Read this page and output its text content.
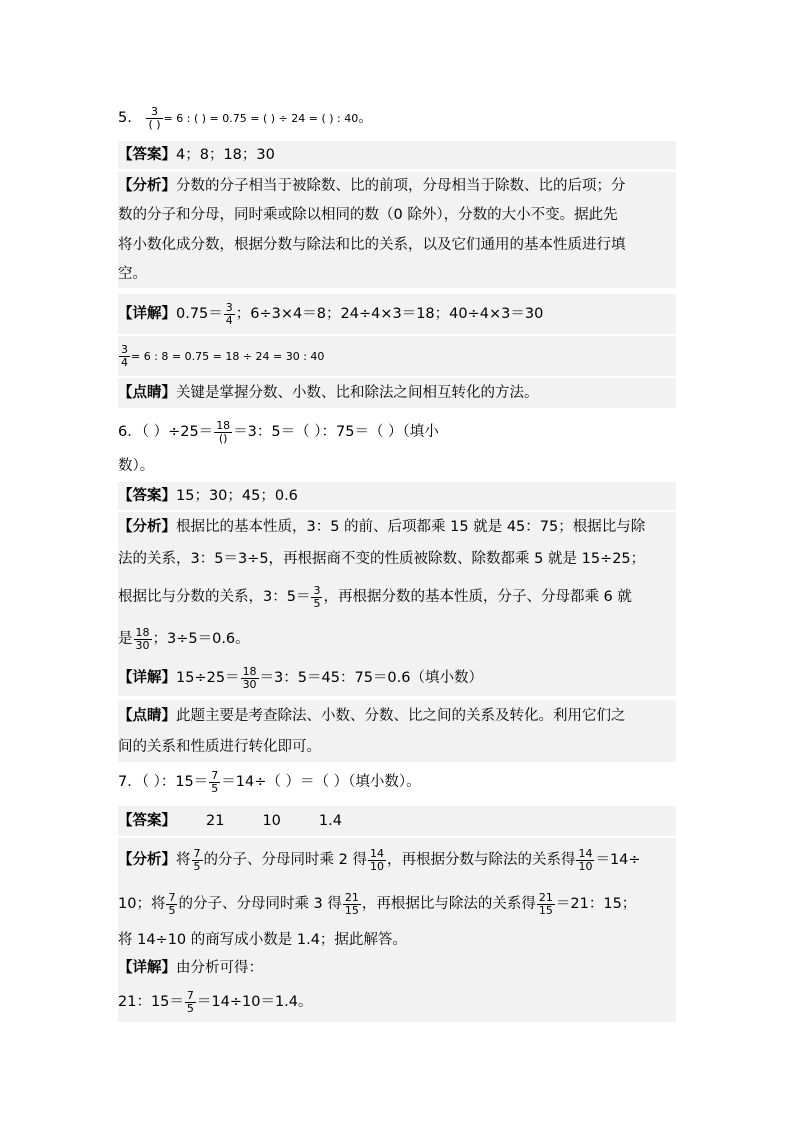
5. $\frac{3}{( )} = 6$ : ( ) = 0.75 = ( ) ÷ 24 = ( ) : 40。
【答案】4；8；18；30
【分析】分数的分子相当于被除数、比的前项，分母相当于除数、比的后项；分
数的分子和分母，同时乘或除以相同的数（0 除外），分数的大小不变。据此先
将小数化成分数，根据分数与除法和比的关系，以及它们通用的基本性质进行填
空。
【详解】$0.75= \frac{3}{4}$ ；6÷3×4＝8；24÷4×3＝18；40÷4×3＝30
$\frac{3}{4} = 6$ : 8 = 0.75 = 18 ÷ 24 = 30 : 40
【点睛】关键是掌握分数、小数、比和除法之间相互转化的方法。
6．（ ）$\div 25= \frac{18}{()} =3$：5＝（ ）：75＝（ ）（填小
数）。
【答案】15；30；45；0.6
【分析】根据比的基本性质，3：5 的前、后项都乘 15 就是 45：75；根据比与除
法的关系，3：5＝3÷5，再根据商不变的性质被除数、除数都乘 5 就是 15÷25；
根据比与分数的关系，3：$5= \frac{3}{5}$ ，再根据分数的基本性质，分子、分母都乘 6 就
是 $\frac{18}{30}$ ；3÷5＝0.6。
【详解】$15\div 25= \frac{18}{30} =3$：5＝45：75＝0.6（填小数）
【点睛】此题主要是考查除法、小数、分数、比之间的关系及转化。利用它们之
间的关系和性质进行转化即可。
7．（ ）：$15= \frac{7}{5} =14\div$（ ）＝（ ）（填小数）。
【答案】 21	10	1.4
【分析】将 $\frac{7}{5}$ 的分子、分母同时乘 2 得 $\frac{14}{10}$ ，再根据分数与除法的关系得 $\frac{14}{10} =14\div$
10；将 $\frac{7}{5}$ 的分子、分母同时乘 3 得 $\frac{21}{15}$ ，再根据比与除法的关系得 $\frac{21}{15} =21$：15；
将 14÷10 的商写成小数是 1.4；据此解答。
【详解】由分析可得：
21：$15= \frac{7}{5} =14\div 10=1.4$。
